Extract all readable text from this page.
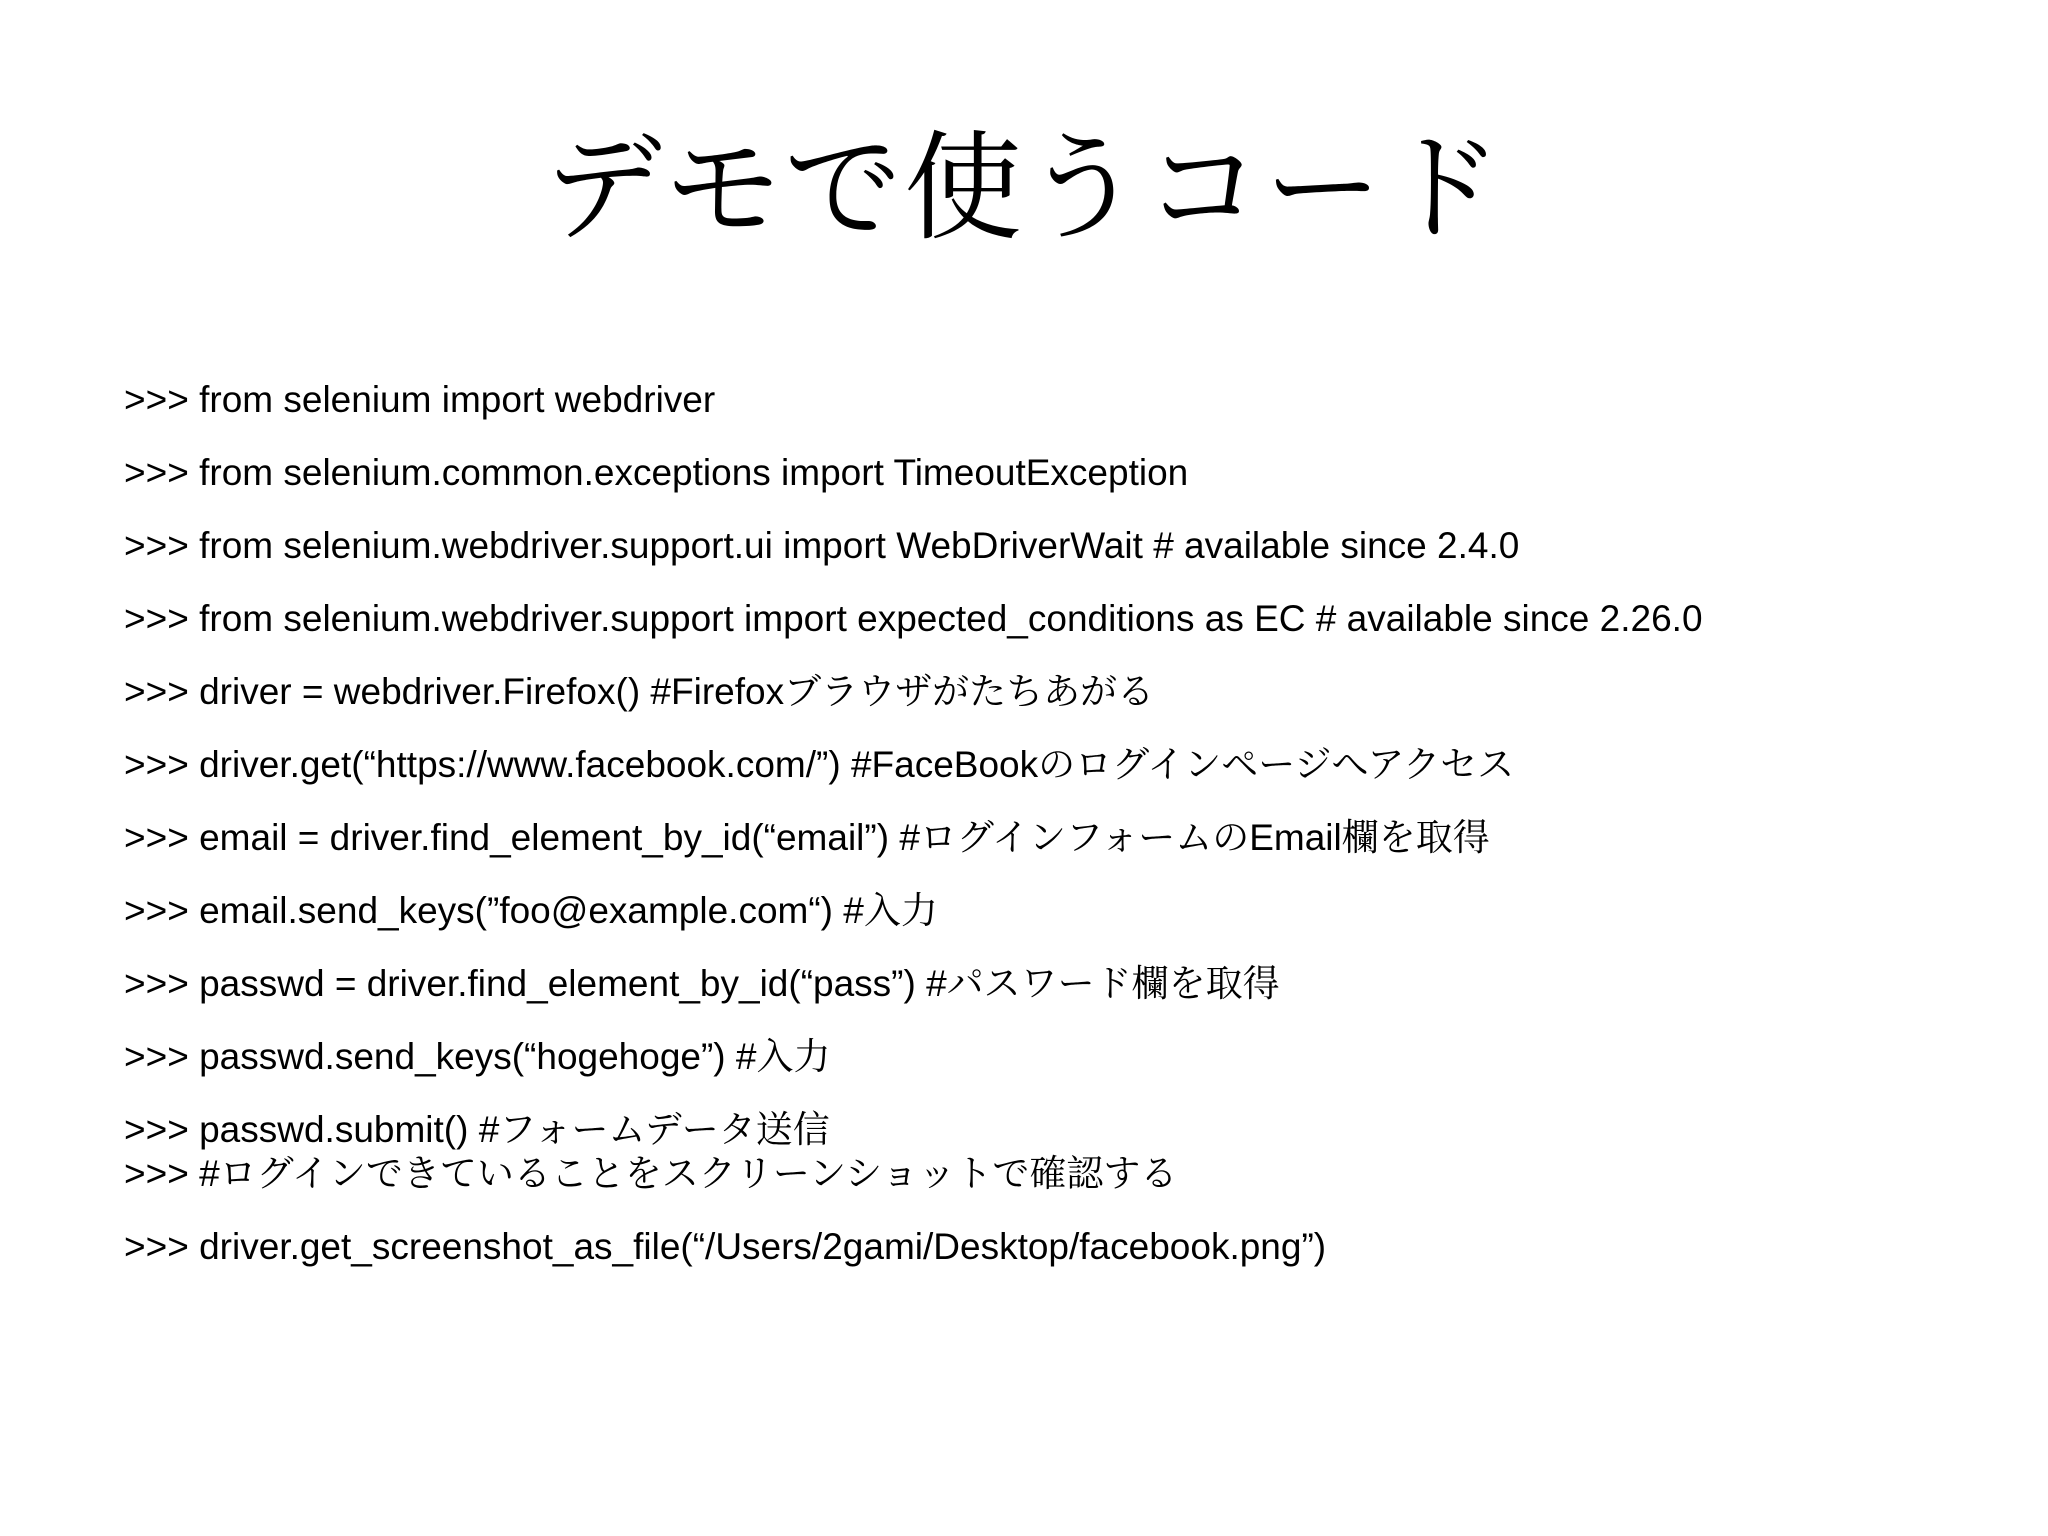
デモで使うコード
>>> from selenium import webdriver
>>> from selenium.common.exceptions import TimeoutException
>>> from selenium.webdriver.support.ui import WebDriverWait # available since 2.4.0
>>> from selenium.webdriver.support import expected_conditions as EC # available since 2.26.0
>>> driver = webdriver.Firefox() #Firefoxブラウザがたちあがる
>>> driver.get(“https://www.facebook.com/”) #FaceBookのログインページへアクセス
>>> email = driver.find_element_by_id(“email”) #ログインフォームのEmail欄を取得
>>> email.send_keys(”foo@example.com“) #入力
>>> passwd = driver.find_element_by_id(“pass”) #パスワード欄を取得
>>> passwd.send_keys(“hogehoge”) #入力
>>> passwd.submit() #フォームデータ送信
>>> #ログインできていることをスクリーンショットで確認する
>>> driver.get_screenshot_as_file(“/Users/2gami/Desktop/facebook.png”)
